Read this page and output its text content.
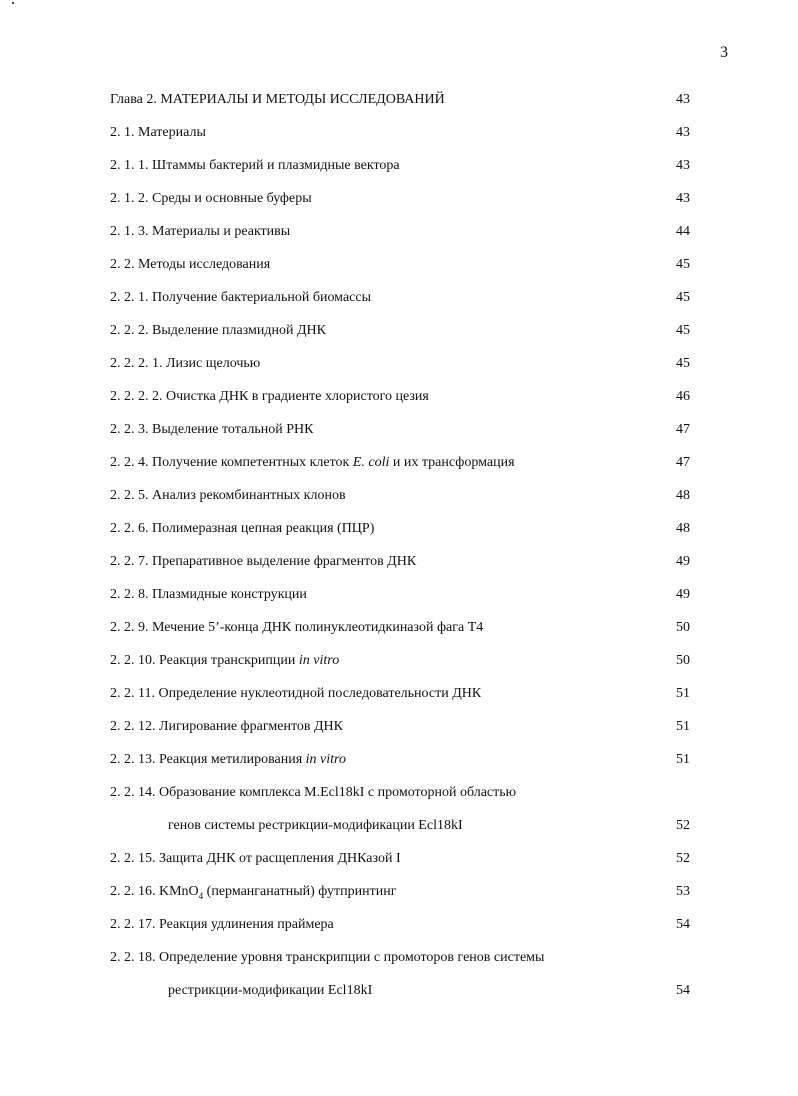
3
Глава 2. МАТЕРИАЛЫ И МЕТОДЫ ИССЛЕДОВАНИЙ	43
2. 1. Материалы	43
2. 1. 1. Штаммы бактерий и плазмидные вектора	43
2. 1. 2. Среды и основные буферы	43
2. 1. 3. Материалы и реактивы	44
2. 2. Методы исследования	45
2. 2. 1. Получение бактериальной биомассы	45
2. 2. 2. Выделение плазмидной ДНК	45
2. 2. 2. 1. Лизис щелочью	45
2. 2. 2. 2. Очистка ДНК в градиенте хлористого цезия	46
2. 2. 3. Выделение тотальной РНК	47
2. 2. 4. Получение компетентных клеток E. coli и их трансформация	47
2. 2. 5. Анализ рекомбинантных клонов	48
2. 2. 6. Полимеразная цепная реакция (ПЦР)	48
2. 2. 7. Препаративное выделение фрагментов ДНК	49
2. 2. 8. Плазмидные конструкции	49
2. 2. 9. Мечение 5’-конца ДНК полинуклеотидкиназой фага Т4	50
2. 2. 10. Реакция транскрипции in vitro	50
2. 2. 11. Определение нуклеотидной последовательности ДНК	51
2. 2. 12. Лигирование фрагментов ДНК	51
2. 2. 13. Реакция метилирования in vitro	51
2. 2. 14. Образование комплекса M.Ecl18kI с промоторной областью
генов системы рестрикции-модификации Ecl18kI	52
2. 2. 15. Защита ДНК от расщепления ДНКазой I	52
2. 2. 16. KMnO$_4$ (перманганатный) футпринтинг	53
2. 2. 17. Реакция удлинения праймера	54
2. 2. 18. Определение уровня транскрипции с промоторов генов системы
рестрикции-модификации Ecl18kI	54
